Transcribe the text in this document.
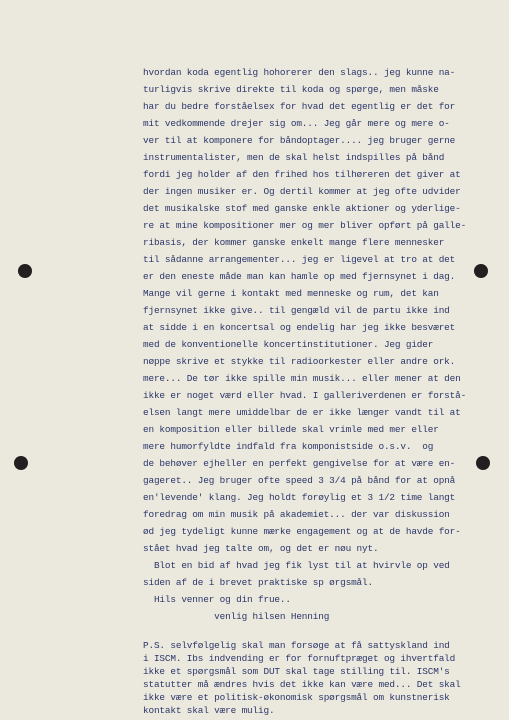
hvordan koda egentlig hohorerer den slags.. jeg kunne na-
turligvis skrive direkte til koda og spørge, men måske
har du bedre forståelsex for hvad det egentlig er det for
mit vedkommende drejer sig om... Jeg går mere og mere o-
ver til at komponere for båndoptager.... jeg bruger gerne
instrumentalister, men de skal helst indspilles på bånd
fordi jeg holder af den frihed hos tilhøreren det giver at
der ingen musiker er. Og dertil kommer at jeg ofte udvider
det musikalske stof med ganske enkle aktioner og yderlige-
re at mine kompositioner mer og mer bliver opført på galle-
ribasis, der kommer ganske enkelt mange flere mennesker
til sådanne arrangementer... jeg er ligevel at tro at det
er den eneste måde man kan hamle op med fjernsynet i dag.
Mange vil gerne i kontakt med menneske og rum, det kan
fjernsynet ikke give.. til gengæld vil de partu ikke ind
at sidde i en koncertsal og endelig har jeg ikke besværet
med de konventionelle koncertinstitutioner. Jeg gider
nøppe skrive et stykke til radioorkester eller andre ork.
mere... De tør ikke spille min musik... eller mener at den
ikke er noget værd eller hvad. I galleriverdenen er forstå-
elsen langt mere umiddelbar de er ikke længer vandt til at
en komposition eller billede skal vrimle med mer eller
mere humorfyldte indfald fra komponistside o.s.v.  og
de behøver ejheller en perfekt gengivelse for at være en-
gageret.. Jeg bruger ofte speed 3 3/4 på bånd for at opnå
en'levende' klang. Jeg holdt forøylig et 3 1/2 time langt
foredrag om min musik på akademiet... der var diskussion
ød jeg tydeligt kunne mærke engagement og at de havde for-
stået hvad jeg talte om, og det er nøu nyt.
Blot en bid af hvad jeg fik lyst til at hvirvle op ved
siden af de i brevet praktiske sp ørgsmål.
Hils venner og din frue..
venlig hilsen Henning
P.S. selvfølgelig skal man forsøge at få sattyskland ind
i ISCM. Ibs indvending er for fornuftpræget og ihvertfald
ikke et spørgsmål som DUT skal tage stilling til. ISCM's
statutter må ændres hvis det ikke kan være med... Det skal
ikke være et politisk-økonomisk spørgsmål om kunstnerisk
kontakt skal være mulig.
